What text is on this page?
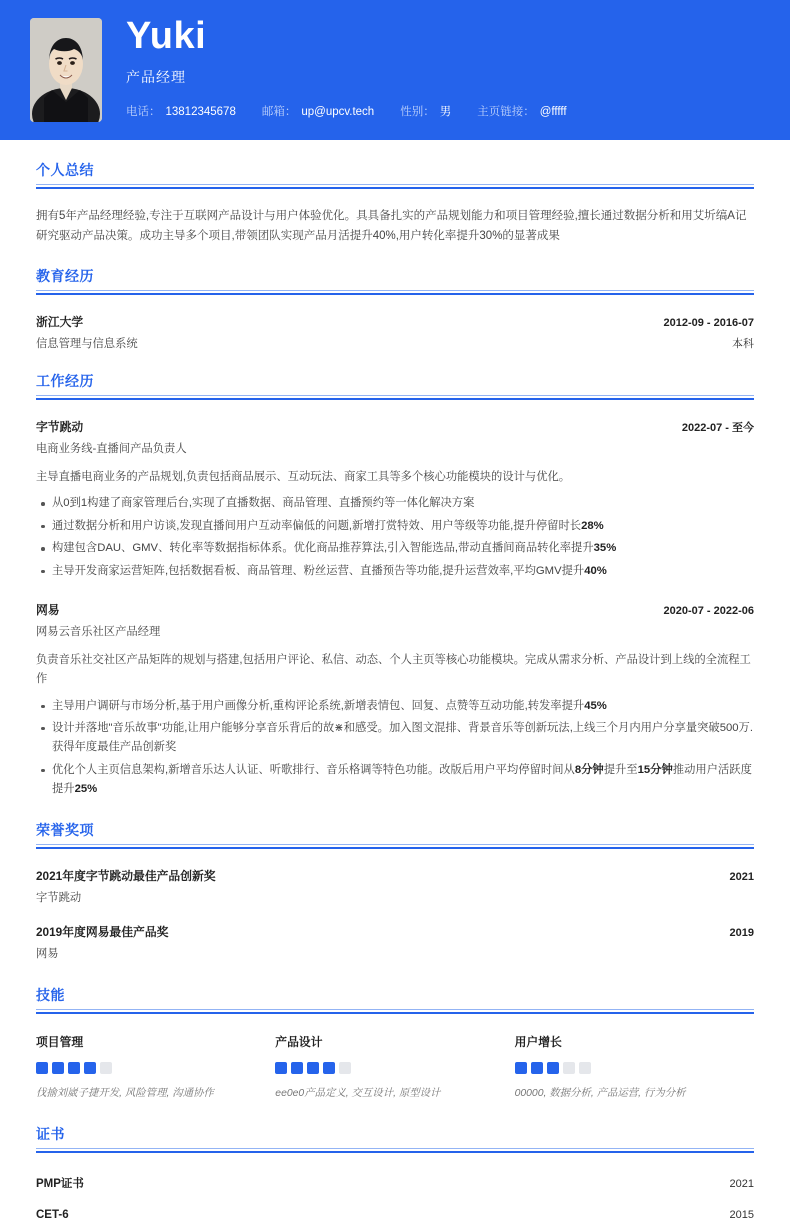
Yuki
产品经理
电话： 13812345678 邮箱： up@upcv.tech 性别： 男 主页链接： @fffff
个人总结
拥有5年产品经理经验,专注于互联网产品设计与用户体验优化。具具备扎实的产品规划能力和项目管理经验,擅长通过数据分析和用艾圻缟A记研究驱动产品决策。成功主导多个项目,带领团队实现产品月活提升40%,用户转化率提升30%的显著成果
教育经历
浙江大学	2012-09 - 2016-07
信息管理与信息系统	本科
工作经历
字节跳动	2022-07 - 至今
电商业务线-直播间产品负责人
主导直播电商业务的产品规划,负责包括商品展示、互动玩法、商家工具等多个核心功能模块的设计与优化。
从0到1构建了商家管理后台,实现了直播数据、商品管理、直播预约等一体化解决方案
通过数据分析和用户访谈,发现直播间用户互动率偏低的问题,新增打赏特效、用户等级等功能,提升停留时长28%
构建包含DAU、GMV、转化率等数据指标体系。优化商品推荐算法,引入智能选品,带动直播间商品转化率提升35%
主导开发商家运营矩阵,包括数据看板、商品管理、粉丝运营、直播预告等功能,提升运营效率,平均GMV提升40%
网易	2020-07 - 2022-06
网易云音乐社区产品经理
负责音乐社交社区产品矩阵的规划与搭建,包括用户评论、私信、动态、个人主页等核心功能模块。完成从需求分析、产品设计到上线的全流程工作
主导用户调研与市场分析,基于用户画像分析,重构评论系统,新增表情包、回复、点赞等互动功能,转发率提升45%
设计并落地"音乐故事"功能,让用户能够分享音乐背后的故⋇和感受。加入图文混排、背景音乐等创新玩法,上线三个月内用户分享量突破500万.获得年度最佳产品创新奖
优化个人主页信息架构,新增音乐达人认证、听歌排行、音乐格调等特色功能。改版后用户平均停留时间从8分钟提升至15分钟推动用户活跃度提升25%
荣誉奖项
2021年度字节跳动最佳产品创新奖	2021
字节跳动
2019年度网易最佳产品奖	2019
网易
技能
项目管理
伐揄刘崴子捷开发, 风险管理, 沟通协作
产品设计
ee0e0产品定义, 交互设计, 原型设计
用户增长
00000, 数据分析, 产品运营, 行为分析
证书
PMP证书	2021
CET-6	2015
